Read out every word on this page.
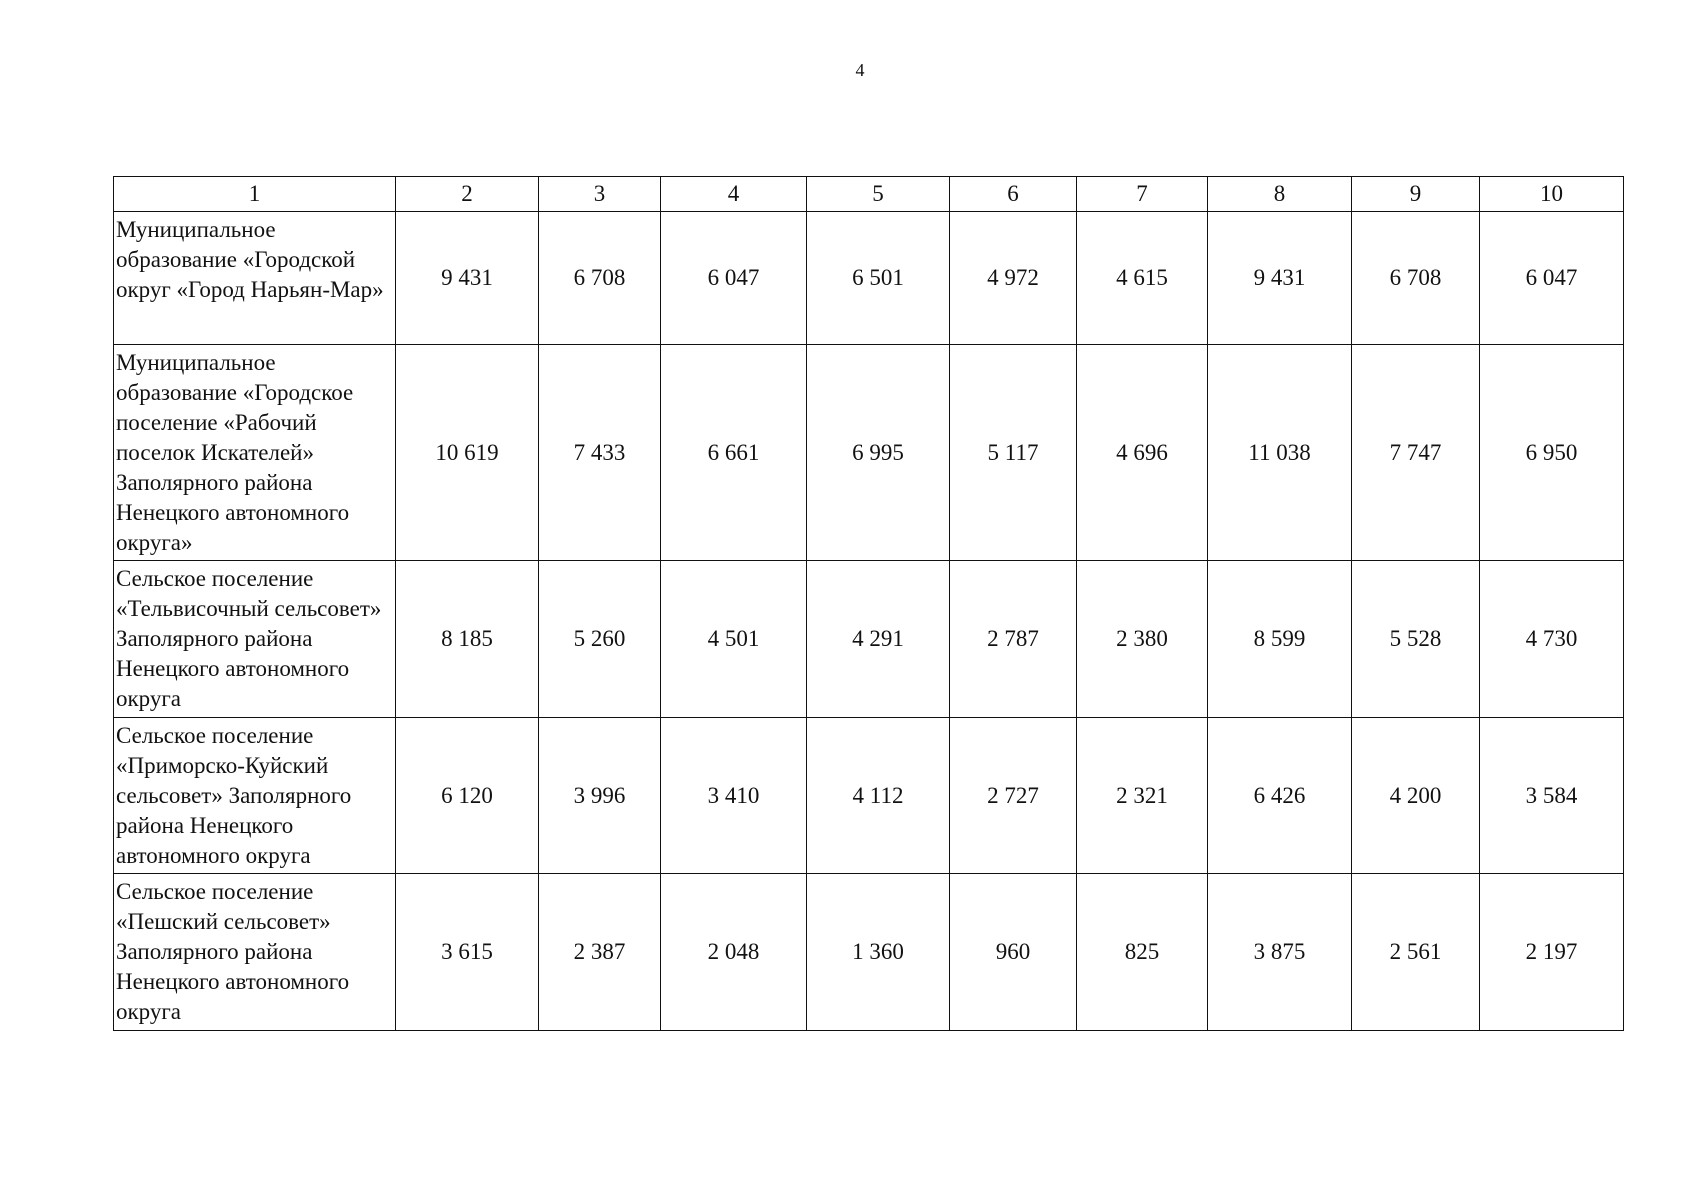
4
1	2	3	4	5	6	7	8	9	10
Муниципальное образование «Городской округ «Город Нарьян-Мар»	9 431	6 708	6 047	6 501	4 972	4 615	9 431	6 708	6 047
Муниципальное образование «Городское поселение «Рабочий поселок Искателей» Заполярного района Ненецкого автономного округа»	10 619	7 433	6 661	6 995	5 117	4 696	11 038	7 747	6 950
Сельское поселение «Тельвисочный сельсовет» Заполярного района Ненецкого автономного округа	8 185	5 260	4 501	4 291	2 787	2 380	8 599	5 528	4 730
Сельское поселение «Приморско-Куйский сельсовет» Заполярного района Ненецкого автономного округа	6 120	3 996	3 410	4 112	2 727	2 321	6 426	4 200	3 584
Сельское поселение «Пешский сельсовет» Заполярного района Ненецкого автономного округа	3 615	2 387	2 048	1 360	960	825	3 875	2 561	2 197
